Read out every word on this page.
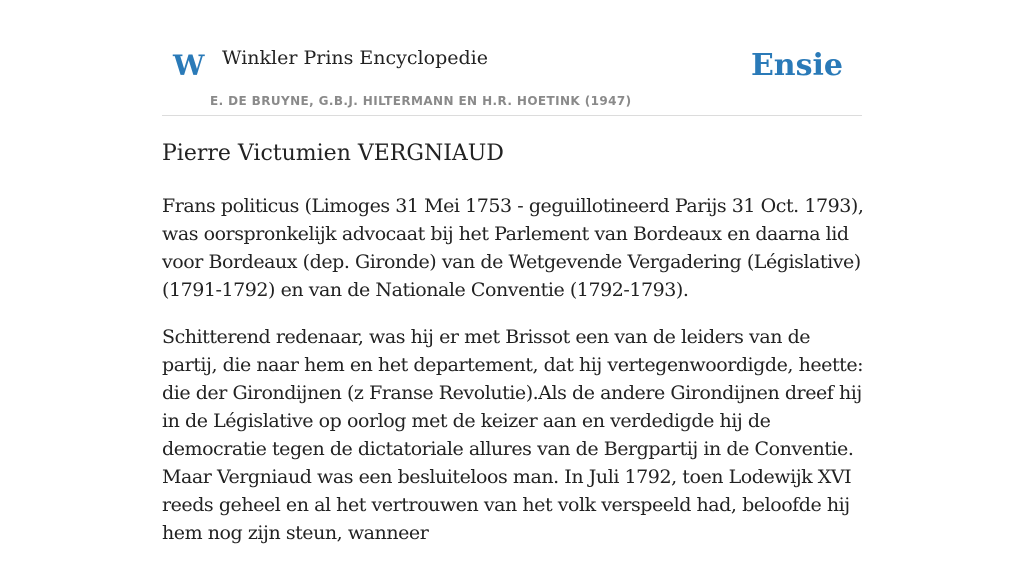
W Winkler Prins Encyclopedie
E. DE BRUYNE, G.B.J. HILTERMANN EN H.R. HOETINK (1947)
Ensie
Pierre Victumien VERGNIAUD

Frans politicus (Limoges 31 Mei 1753 - geguillotineerd Parijs 31 Oct. 1793), was oorspronkelijk advocaat bij het Parlement van Bordeaux en daarna lid voor Bordeaux (dep. Gironde) van de Wetgevende Vergadering (Législative) (1791-1792) en van de Nationale Conventie (1792-1793).

Schitterend redenaar, was hij er met Brissot een van de leiders van de partij, die naar hem en het departement, dat hij vertegenwoordigde, heette: die der Girondijnen (z Franse Revolutie).Als de andere Girondijnen dreef hij in de Législative op oorlog met de keizer aan en verdedigde hij de democratie tegen de dictatoriale allures van de Bergpartij in de Conventie. Maar Vergniaud was een besluiteloos man. In Juli 1792, toen Lodewijk XVI reeds geheel en al het vertrouwen van het volk verspeeld had, beloofde hij hem nog zijn steun, wanneer
